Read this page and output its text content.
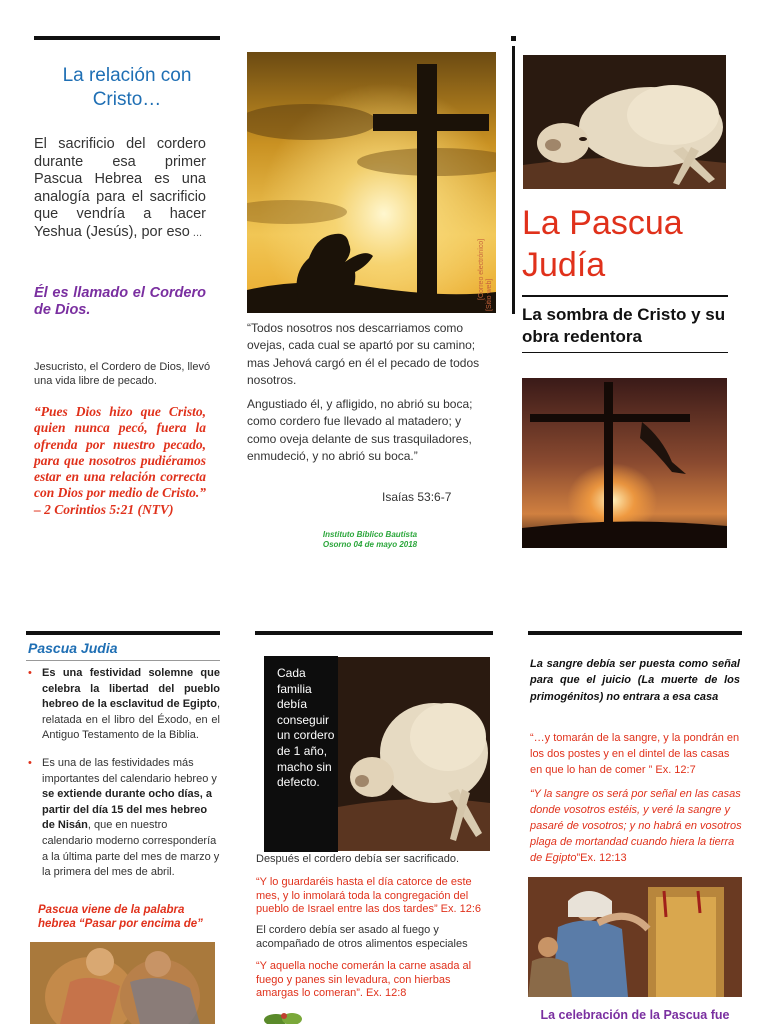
La relación con Cristo…
El sacrificio del cordero durante esa primer Pascua Hebrea es una analogía para el sacrificio que vendría a hacer Yeshua (Jesús), por eso ...
Él es llamado el Cordero de Dios.
Jesucristo, el Cordero de Dios, llevó una vida libre de pecado.
“Pues Dios hizo que Cristo, quien nunca pecó, fuera la ofrenda por nuestro pecado, para que nosotros pudiéramos estar en una relación correcta con Dios por medio de Cristo.” – 2 Corintios 5:21 (NTV)
[Correo electrónico] [Sitio web]
“Todos nosotros nos descarriamos como ovejas, cada cual se apartó por su camino; mas Jehová cargó en él el pecado de todos nosotros.
Angustiado él, y afligido, no abrió su boca; como cordero fue llevado al matadero; y como oveja delante de sus trasquiladores, enmudeció, y no abrió su boca.”
Isaías 53:6-7
Instituto Bíblico Bautista
Osorno 04 de mayo 2018
La Pascua
Judía
La sombra de Cristo y su obra redentora
Pascua Judia
• Es una festividad solemne que celebra la libertad del pueblo hebreo de la esclavitud de Egipto, relatada en el libro del Éxodo, en el Antiguo Testamento de la Biblia.
• Es una de las festividades más importantes del calendario hebreo y se extiende durante ocho días, a partir del día 15 del mes hebreo de Nisán, que en nuestro calendario moderno correspondería a la última parte del mes de marzo y la primera del mes de abril.
Pascua viene de la palabra hebrea “Pasar por encima de”
Cada familia debía conseguir un cordero de 1 año, macho sin defecto.
Después el cordero debía ser sacrificado.
“Y lo guardaréis hasta el día catorce de este mes, y lo inmolará toda la congregación del pueblo de Israel entre las dos tardes” Ex. 12:6
El cordero debía ser asado al fuego y acompañado de otros alimentos especiales
“Y aquella noche comerán la carne asada al fuego y panes sin levadura, con hierbas amargas lo comeran”. Ex. 12:8
La sangre debía ser puesta como señal para que el juicio (La muerte de los primogénitos) no entrara a esa casa
“…y tomarán de la sangre, y la pondrán en los dos postes y en el dintel de las casas en que lo han de comer ” Ex. 12:7
“Y la sangre os será por señal en las casas donde vosotros estéis, y veré la sangre y pasaré de vosotros; y no habrá en vosotros plaga de mortandad cuando hiera la tierra de Egipto”Ex. 12:13
La celebración de la Pascua fue
